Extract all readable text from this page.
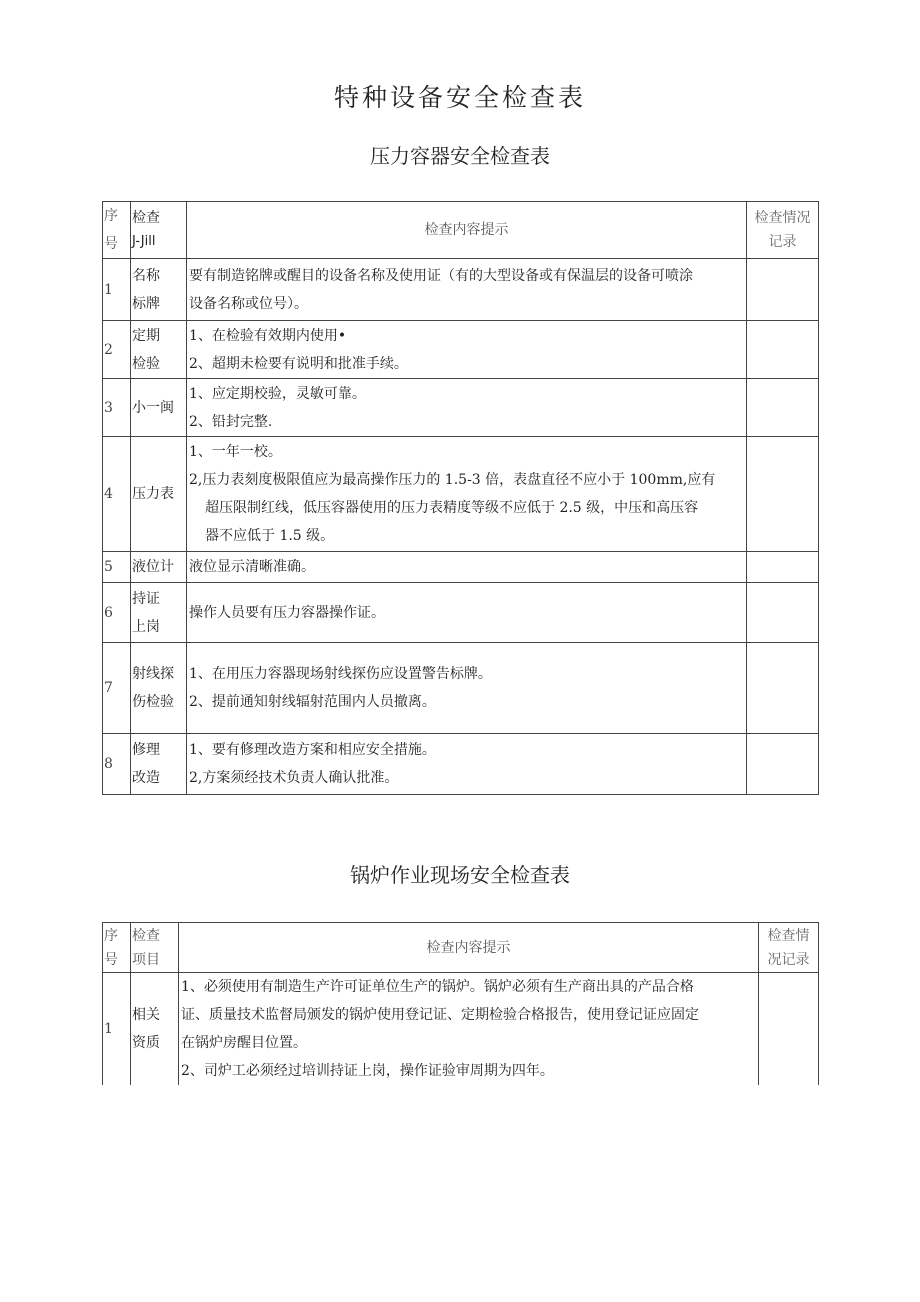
特种设备安全检查表
压力容器安全检查表
序
号	检查
J-Jill	检查内容提示	检查情况
记录

1	名称
标牌	要有制造铭牌或醒目的设备名称及使用证（有的大型设备或有保温层的设备可喷涂
设备名称或位号）。	

2	定期
检验	1、在检验有效期内使用•
2、超期未检要有说明和批准手续。	

3	小一闽	1、应定期校验，灵敏可靠。
2、铅封完整.	

4	压力表	1、一年一校。
2,压力表刻度极限值应为最高操作压力的 1.5-3 倍，表盘直径不应小于 100mm,应有
超压限制红线，低压容器使用的压力表精度等级不应低于 2.5 级，中压和高压容
器不应低于 1.5 级。	

5	液位计	液位显示清晰准确。	

6	持证
上岗	操作人员要有压力容器操作证。	

7	射线探
伤检验	1、在用压力容器现场射线探伤应设置警告标牌。
2、提前通知射线辐射范围内人员撤离。	

8	修理
改造	1、要有修理改造方案和相应安全措施。
2,方案须经技术负责人确认批准。	

锅炉作业现场安全检查表
序
号	检查
项目	检查内容提示	检查情
况记录

1	相关
资质	1、必须使用有制造生产许可证单位生产的锅炉。锅炉必须有生产商出具的产品合格
证、质量技术监督局颁发的锅炉使用登记证、定期检验合格报告，使用登记证应固定
在锅炉房醒目位置。
2、司炉工必须经过培训持证上岗，操作证验审周期为四年。	
